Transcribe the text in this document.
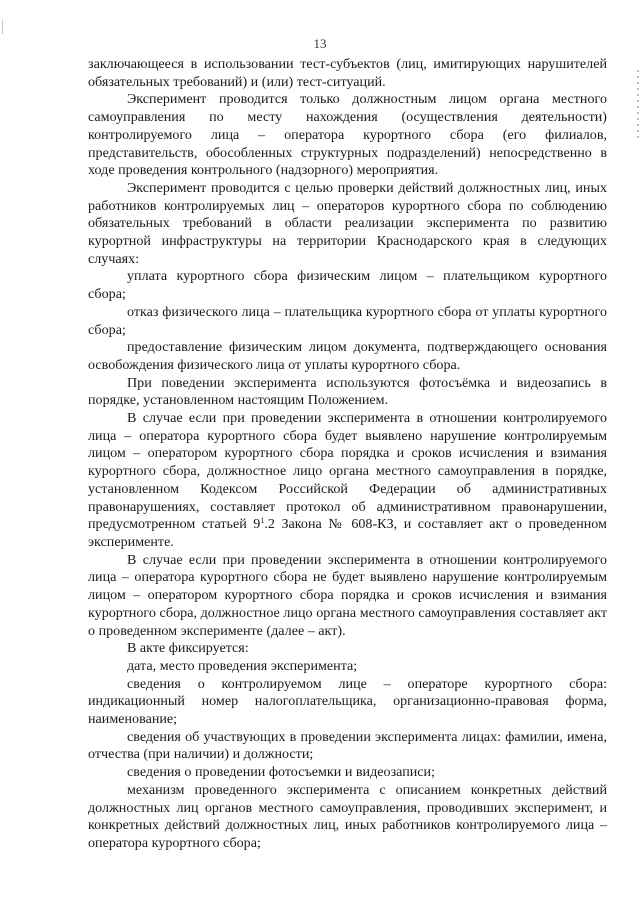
13

заключающееся в использовании тест-субъектов (лиц, имитирующих нарушителей обязательных требований) и (или) тест-ситуаций.

Эксперимент проводится только должностным лицом органа местного самоуправления по месту нахождения (осуществления деятельности) контролируемого лица – оператора курортного сбора (его филиалов, представительств, обособленных структурных подразделений) непосредственно в ходе проведения контрольного (надзорного) мероприятия.

Эксперимент проводится с целью проверки действий должностных лиц, иных работников контролируемых лиц – операторов курортного сбора по соблюдению обязательных требований в области реализации эксперимента по развитию курортной инфраструктуры на территории Краснодарского края в следующих случаях:

уплата курортного сбора физическим лицом – плательщиком курортного сбора;

отказ физического лица – плательщика курортного сбора от уплаты курортного сбора;

предоставление физическим лицом документа, подтверждающего основания освобождения физического лица от уплаты курортного сбора.

При поведении эксперимента используются фотосъёмка и видеозапись в порядке, установленном настоящим Положением.

В случае если при проведении эксперимента в отношении контролируемого лица – оператора курортного сбора будет выявлено нарушение контролируемым лицом – оператором курортного сбора порядка и сроков исчисления и взимания курортного сбора, должностное лицо органа местного самоуправления в порядке, установленном Кодексом Российской Федерации об административных правонарушениях, составляет протокол об административном правонарушении, предусмотренном статьей $9^1.2$ Закона № 608-КЗ, и составляет акт о проведенном эксперименте.

В случае если при проведении эксперимента в отношении контролируемого лица – оператора курортного сбора не будет выявлено нарушение контролируемым лицом – оператором курортного сбора порядка и сроков исчисления и взимания курортного сбора, должностное лицо органа местного самоуправления составляет акт о проведенном эксперименте (далее – акт).

В акте фиксируется:

дата, место проведения эксперимента;

сведения о контролируемом лице – операторе курортного сбора: индикационный номер налогоплательщика, организационно-правовая форма, наименование;

сведения об участвующих в проведении эксперимента лицах: фамилии, имена, отчества (при наличии) и должности;

сведения о проведении фотосъемки и видеозаписи;

механизм проведенного эксперимента с описанием конкретных действий должностных лиц органов местного самоуправления, проводивших эксперимент, и конкретных действий должностных лиц, иных работников контролируемого лица – оператора курортного сбора;
